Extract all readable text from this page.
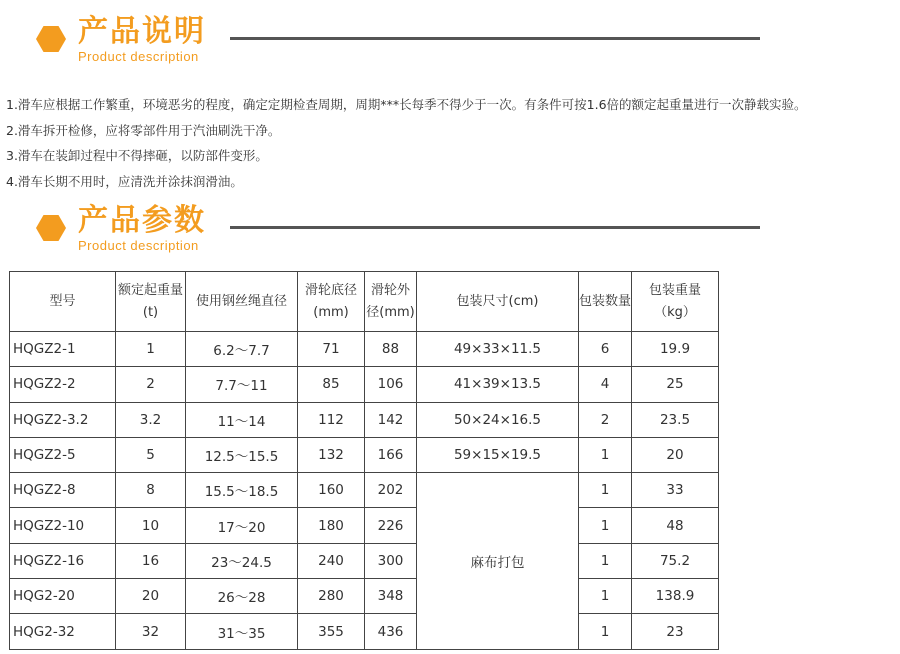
产品说明
Product description
1.滑车应根据工作繁重，环境恶劣的程度，确定定期检查周期，周期***长每季不得少于一次。有条件可按1.6倍的额定起重量进行一次静载实验。
2.滑车拆开检修，应将零部件用于汽油刷洗干净。
3.滑车在装卸过程中不得摔砸，以防部件变形。
4.滑车长期不用时，应清洗并涂抹润滑油。
产品参数
Product description
型号	额定起重量(t)	使用钢丝绳直径	滑轮底径(mm)	滑轮外径(mm)	包装尺寸(cm)	包装数量	包装重量（kg）
HQGZ2-1	1	6.2～7.7	71	88	49×33×11.5	6	19.9
HQGZ2-2	2	7.7～11	85	106	41×39×13.5	4	25
HQGZ2-3.2	3.2	11～14	112	142	50×24×16.5	2	23.5
HQGZ2-5	5	12.5～15.5	132	166	59×15×19.5	1	20
HQGZ2-8	8	15.5～18.5	160	202	麻布打包	1	33
HQGZ2-10	10	17～20	180	226		1	48
HQGZ2-16	16	23～24.5	240	300		1	75.2
HQG2-20	20	26～28	280	348		1	138.9
HQG2-32	32	31～35	355	436		1	23
